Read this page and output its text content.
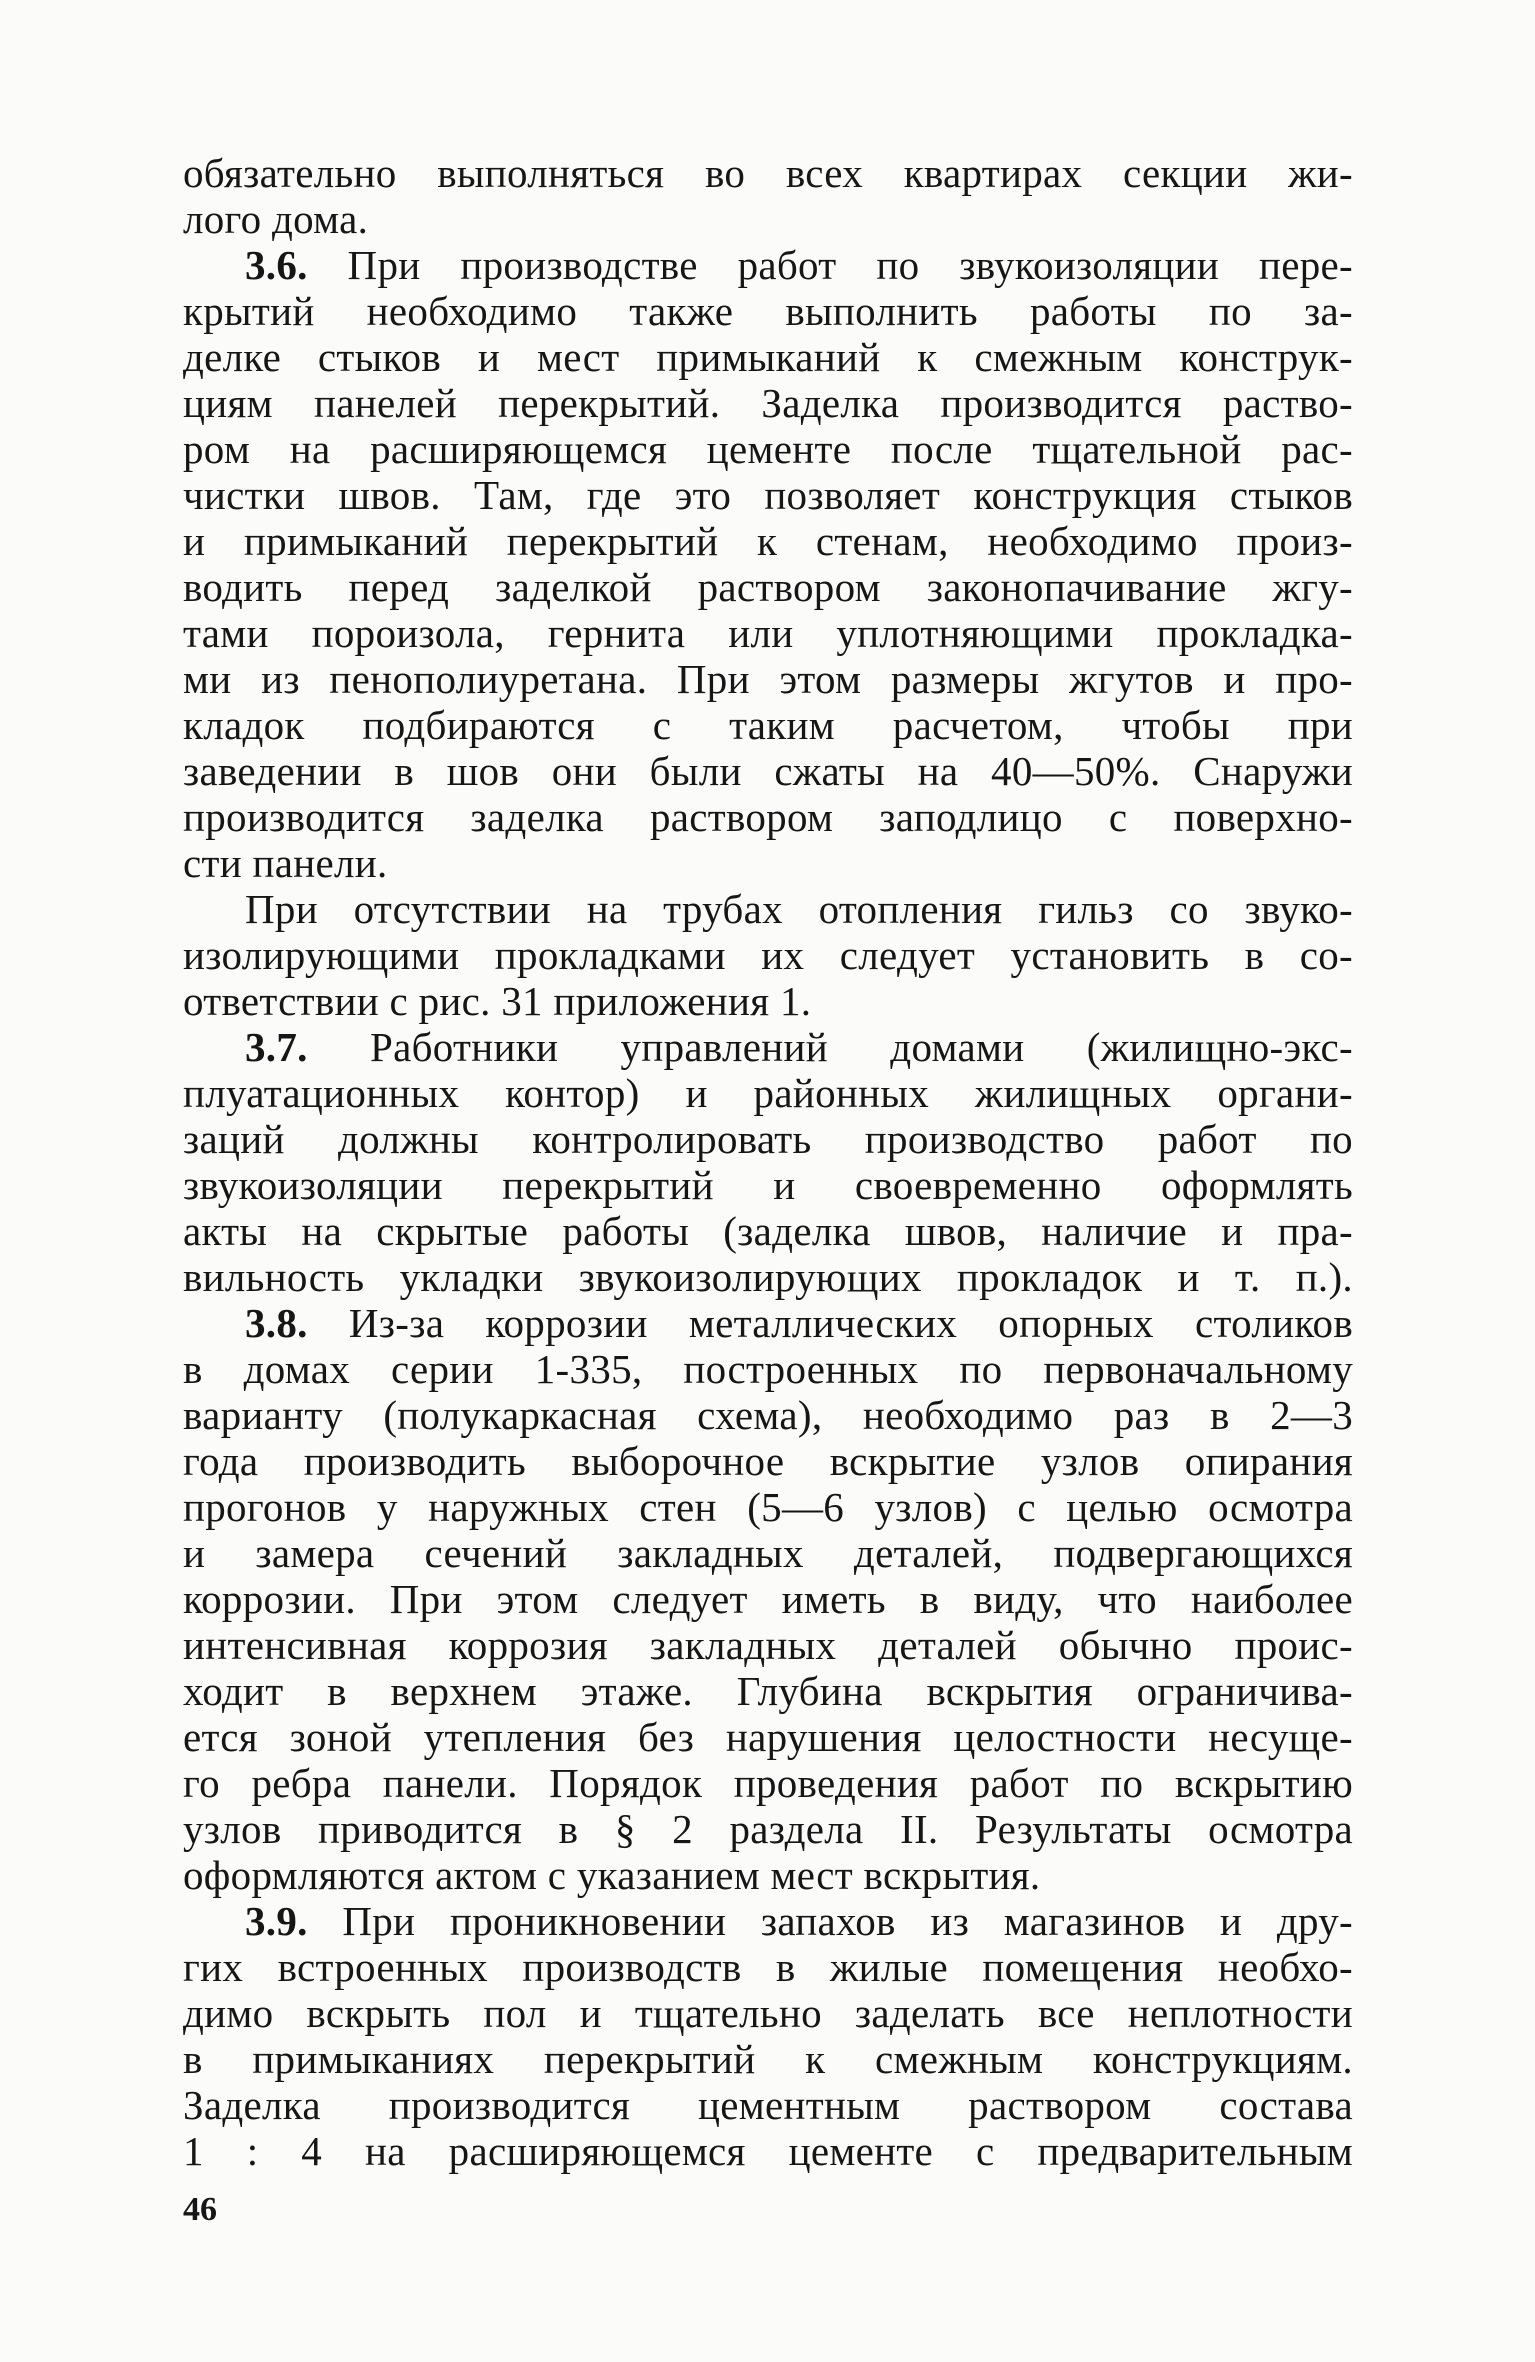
обязательно выполняться во всех квартирах секции жи-
лого дома.
3.6. При производстве работ по звукоизоляции пере-
крытий необходимо также выполнить работы по за-
делке стыков и мест примыканий к смежным конструк-
циям панелей перекрытий. Заделка производится раство-
ром на расширяющемся цементе после тщательной рас-
чистки швов. Там, где это позволяет конструкция стыков
и примыканий перекрытий к стенам, необходимо произ-
водить перед заделкой раствором законопачивание жгу-
тами пороизола, гернита или уплотняющими прокладка-
ми из пенополиуретана. При этом размеры жгутов и про-
кладок подбираются с таким расчетом, чтобы при
заведении в шов они были сжаты на 40—50%. Снаружи
производится заделка раствором заподлицо с поверхно-
сти панели.
При отсутствии на трубах отопления гильз со звуко-
изолирующими прокладками их следует установить в со-
ответствии с рис. 31 приложения 1.
3.7. Работники управлений домами (жилищно-экс-
плуатационных контор) и районных жилищных органи-
заций должны контролировать производство работ по
звукоизоляции перекрытий и своевременно оформлять
акты на скрытые работы (заделка швов, наличие и пра-
вильность укладки звукоизолирующих прокладок и т. п.).
3.8. Из-за коррозии металлических опорных столиков
в домах серии 1-335, построенных по первоначальному
варианту (полукаркасная схема), необходимо раз в 2—3
года производить выборочное вскрытие узлов опирания
прогонов у наружных стен (5—6 узлов) с целью осмотра
и замера сечений закладных деталей, подвергающихся
коррозии. При этом следует иметь в виду, что наиболее
интенсивная коррозия закладных деталей обычно проис-
ходит в верхнем этаже. Глубина вскрытия ограничива-
ется зоной утепления без нарушения целостности несуще-
го ребра панели. Порядок проведения работ по вскрытию
узлов приводится в § 2 раздела II. Результаты осмотра
оформляются актом с указанием мест вскрытия.
3.9. При проникновении запахов из магазинов и дру-
гих встроенных производств в жилые помещения необхо-
димо вскрыть пол и тщательно заделать все неплотности
в примыканиях перекрытий к смежным конструкциям.
Заделка производится цементным раствором состава
1 : 4 на расширяющемся цементе с предварительным
46
